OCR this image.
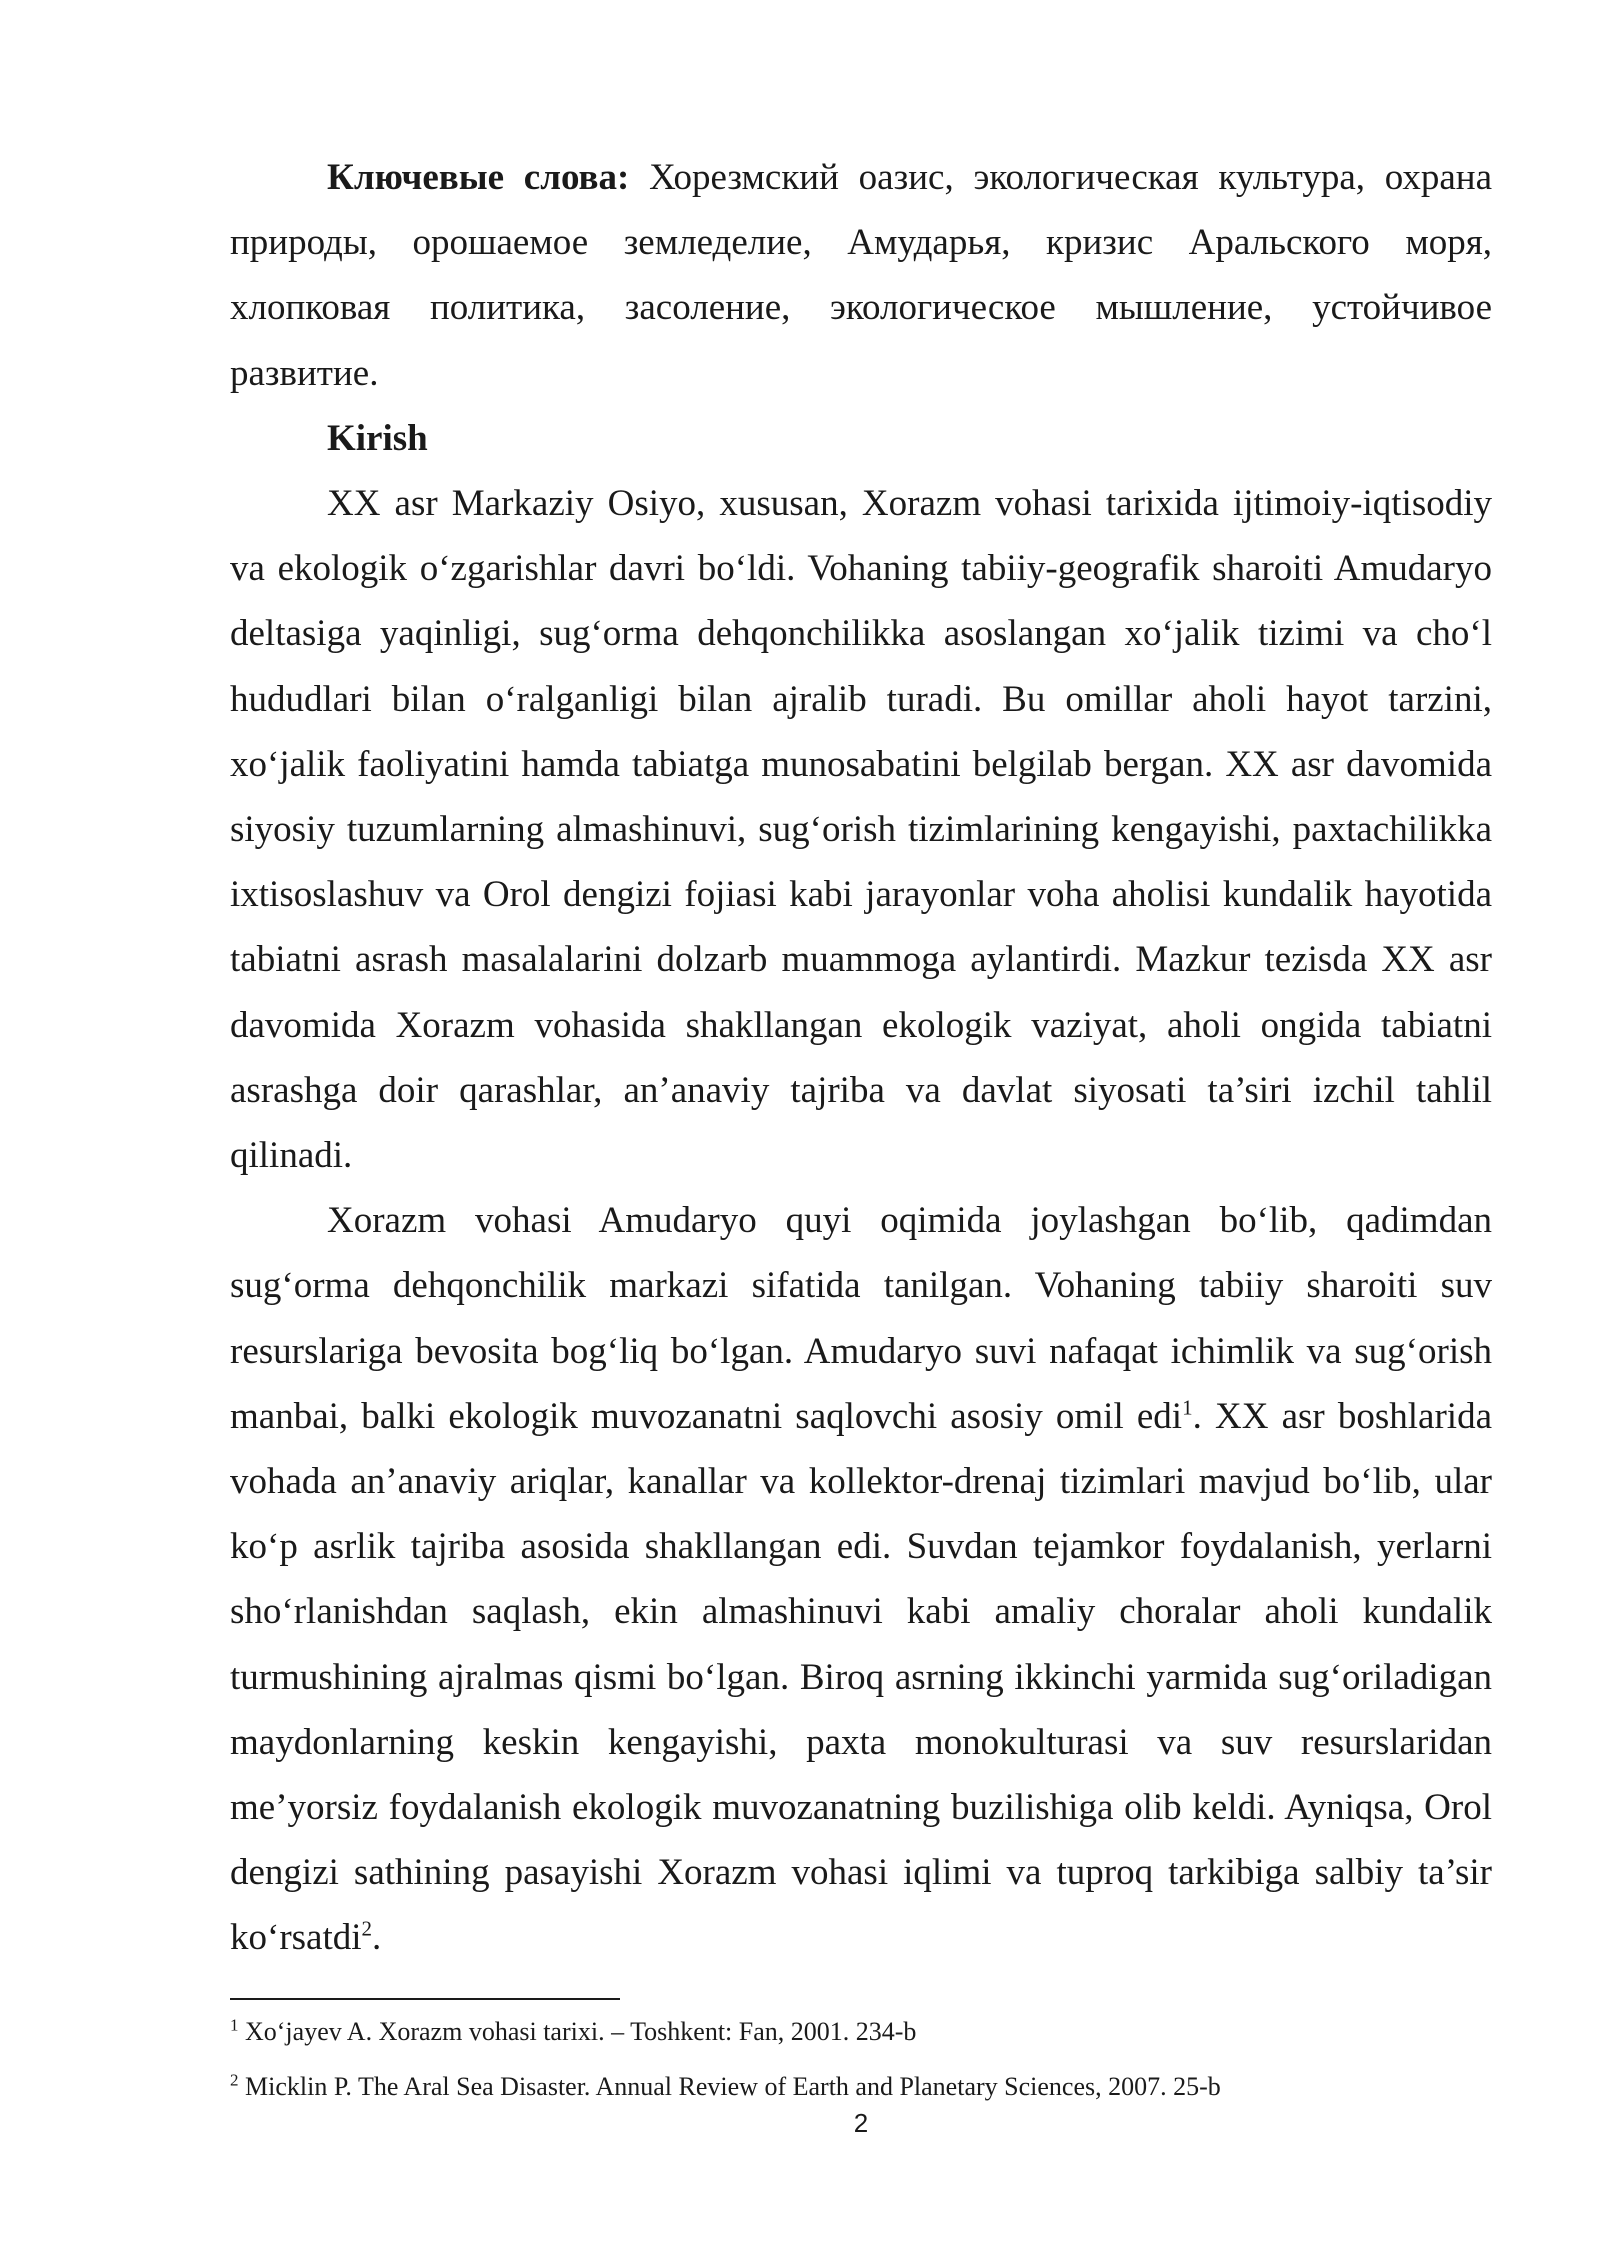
Ключевые слова: Хорезмский оазис, экологическая культура, охрана природы, орошаемое земледелие, Амударья, кризис Аральского моря, хлопковая политика, засоление, экологическое мышление, устойчивое развитие.

Kirish

XX asr Markaziy Osiyo, xususan, Xorazm vohasi tarixida ijtimoiy-iqtisodiy va ekologik oʻzgarishlar davri boʻldi. Vohaning tabiiy-geografik sharoiti Amudaryo deltasiga yaqinligi, sugʻorma dehqonchilikka asoslangan xoʻjalik tizimi va choʻl hududlari bilan oʻralganligi bilan ajralib turadi. Bu omillar aholi hayot tarzini, xoʻjalik faoliyatini hamda tabiatga munosabatini belgilab bergan. XX asr davomida siyosiy tuzumlarning almashinuvi, sugʻorish tizimlarining kengayishi, paxtachilikka ixtisoslashuv va Orol dengizi fojiasi kabi jarayonlar voha aholisi kundalik hayotida tabiatni asrash masalalarini dolzarb muammoga aylantirdi. Mazkur tezisda XX asr davomida Xorazm vohasida shakllangan ekologik vaziyat, aholi ongida tabiatni asrashga doir qarashlar, an’anaviy tajriba va davlat siyosati ta’siri izchil tahlil qilinadi.

Xorazm vohasi Amudaryo quyi oqimida joylashgan boʻlib, qadimdan sugʻorma dehqonchilik markazi sifatida tanilgan. Vohaning tabiiy sharoiti suv resurslariga bevosita bogʻliq boʻlgan. Amudaryo suvi nafaqat ichimlik va sugʻorish manbai, balki ekologik muvozanatni saqlovchi asosiy omil edi$^1$. XX asr boshlarida vohada an’anaviy ariqlar, kanallar va kollektor-drenaj tizimlari mavjud boʻlib, ular koʻp asrlik tajriba asosida shakllangan edi. Suvdan tejamkor foydalanish, yerlarni shoʻrlanishdan saqlash, ekin almashinuvi kabi amaliy choralar aholi kundalik turmushining ajralmas qismi boʻlgan. Biroq asrning ikkinchi yarmida sugʻoriladigan maydonlarning keskin kengayishi, paxta monokulturasi va suv resurslaridan me’yorsiz foydalanish ekologik muvozanatning buzilishiga olib keldi. Ayniqsa, Orol dengizi sathining pasayishi Xorazm vohasi iqlimi va tuproq tarkibiga salbiy ta’sir koʻrsatdi$^2$.

$^1$ Xoʻjayev A. Xorazm vohasi tarixi. – Toshkent: Fan, 2001. 234-b

$^2$ Micklin P. The Aral Sea Disaster. Annual Review of Earth and Planetary Sciences, 2007. 25-b

2
